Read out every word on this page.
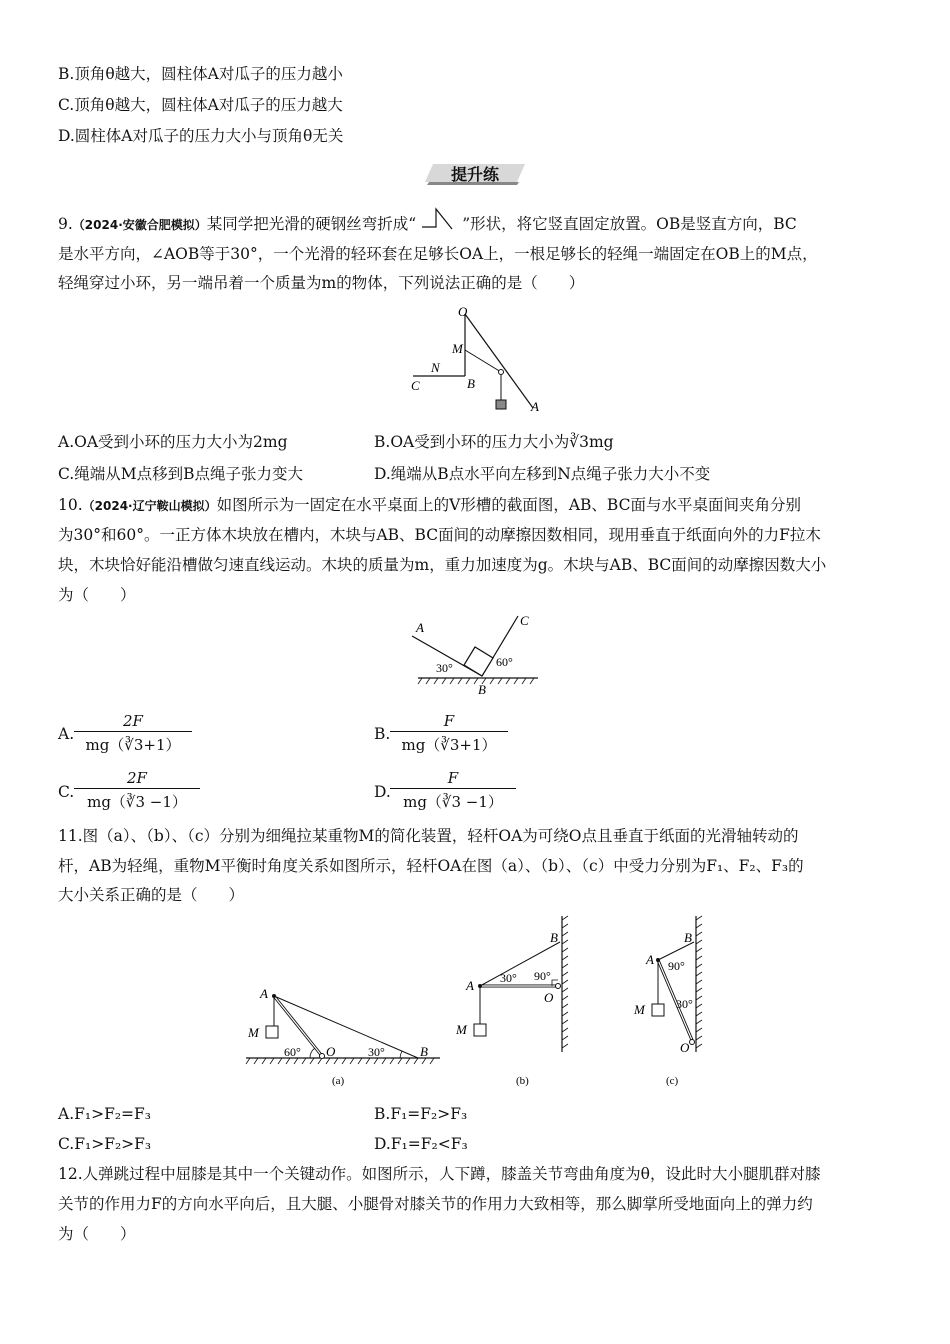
B.顶角θ越大，圆柱体A对瓜子的压力越小
C.顶角θ越大，圆柱体A对瓜子的压力越大
D.圆柱体A对瓜子的压力大小与顶角θ无关
提升练
9.（2024·安徽合肥模拟）某同学把光滑的硬钢丝弯折成“	”形状，将它竖直固定放置。OB是竖直方向，BC
是水平方向，∠AOB等于30°，一个光滑的轻环套在足够长OA上，一根足够长的轻绳一端固定在OB上的M点，
轻绳穿过小环，另一端吊着一个质量为m的物体，下列说法正确的是（　　）
O
M
N
B
C
A
A.OA受到小环的压力大小为2mg	B.OA受到小环的压力大小为∛3mg
C.绳端从M点移到B点绳子张力变大	D.绳端从B点水平向左移到N点绳子张力大小不变
10.（2024·辽宁鞍山模拟）如图所示为一固定在水平桌面上的V形槽的截面图，AB、BC面与水平桌面间夹角分别
为30°和60°。一正方体木块放在槽内，木块与AB、BC面间的动摩擦因数相同，现用垂直于纸面向外的力F拉木
块，木块恰好能沿槽做匀速直线运动。木块的质量为m，重力加速度为g。木块与AB、BC面间的动摩擦因数大小
为（　　）
A	C
B
30°	60°
A.
2F
mg（∛3+1）
B.
F
mg（∛3+1）
C.
2F
mg（∛3 −1）
D.
F
mg（∛3 −1）
11.图（a）、（b）、（c）分别为细绳拉某重物M的简化装置，轻杆OA为可绕O点且垂直于纸面的光滑轴转动的
杆，AB为轻绳，重物M平衡时角度关系如图所示，轻杆OA在图（a）、（b）、（c）中受力分别为F₁、F₂、F₃的
大小关系正确的是（　　）
A
M
O	B
60°	30°
(a)
B
A
O
M
30° 90°
(b)
B
A
O
M
90°
30°
(c)
A.F₁>F₂=F₃	B.F₁=F₂>F₃
C.F₁>F₂>F₃	D.F₁=F₂<F₃
12.人弹跳过程中屈膝是其中一个关键动作。如图所示，人下蹲，膝盖关节弯曲角度为θ，设此时大小腿肌群对膝
关节的作用力F的方向水平向后，且大腿、小腿骨对膝关节的作用力大致相等，那么脚掌所受地面向上的弹力约
为（　　）
